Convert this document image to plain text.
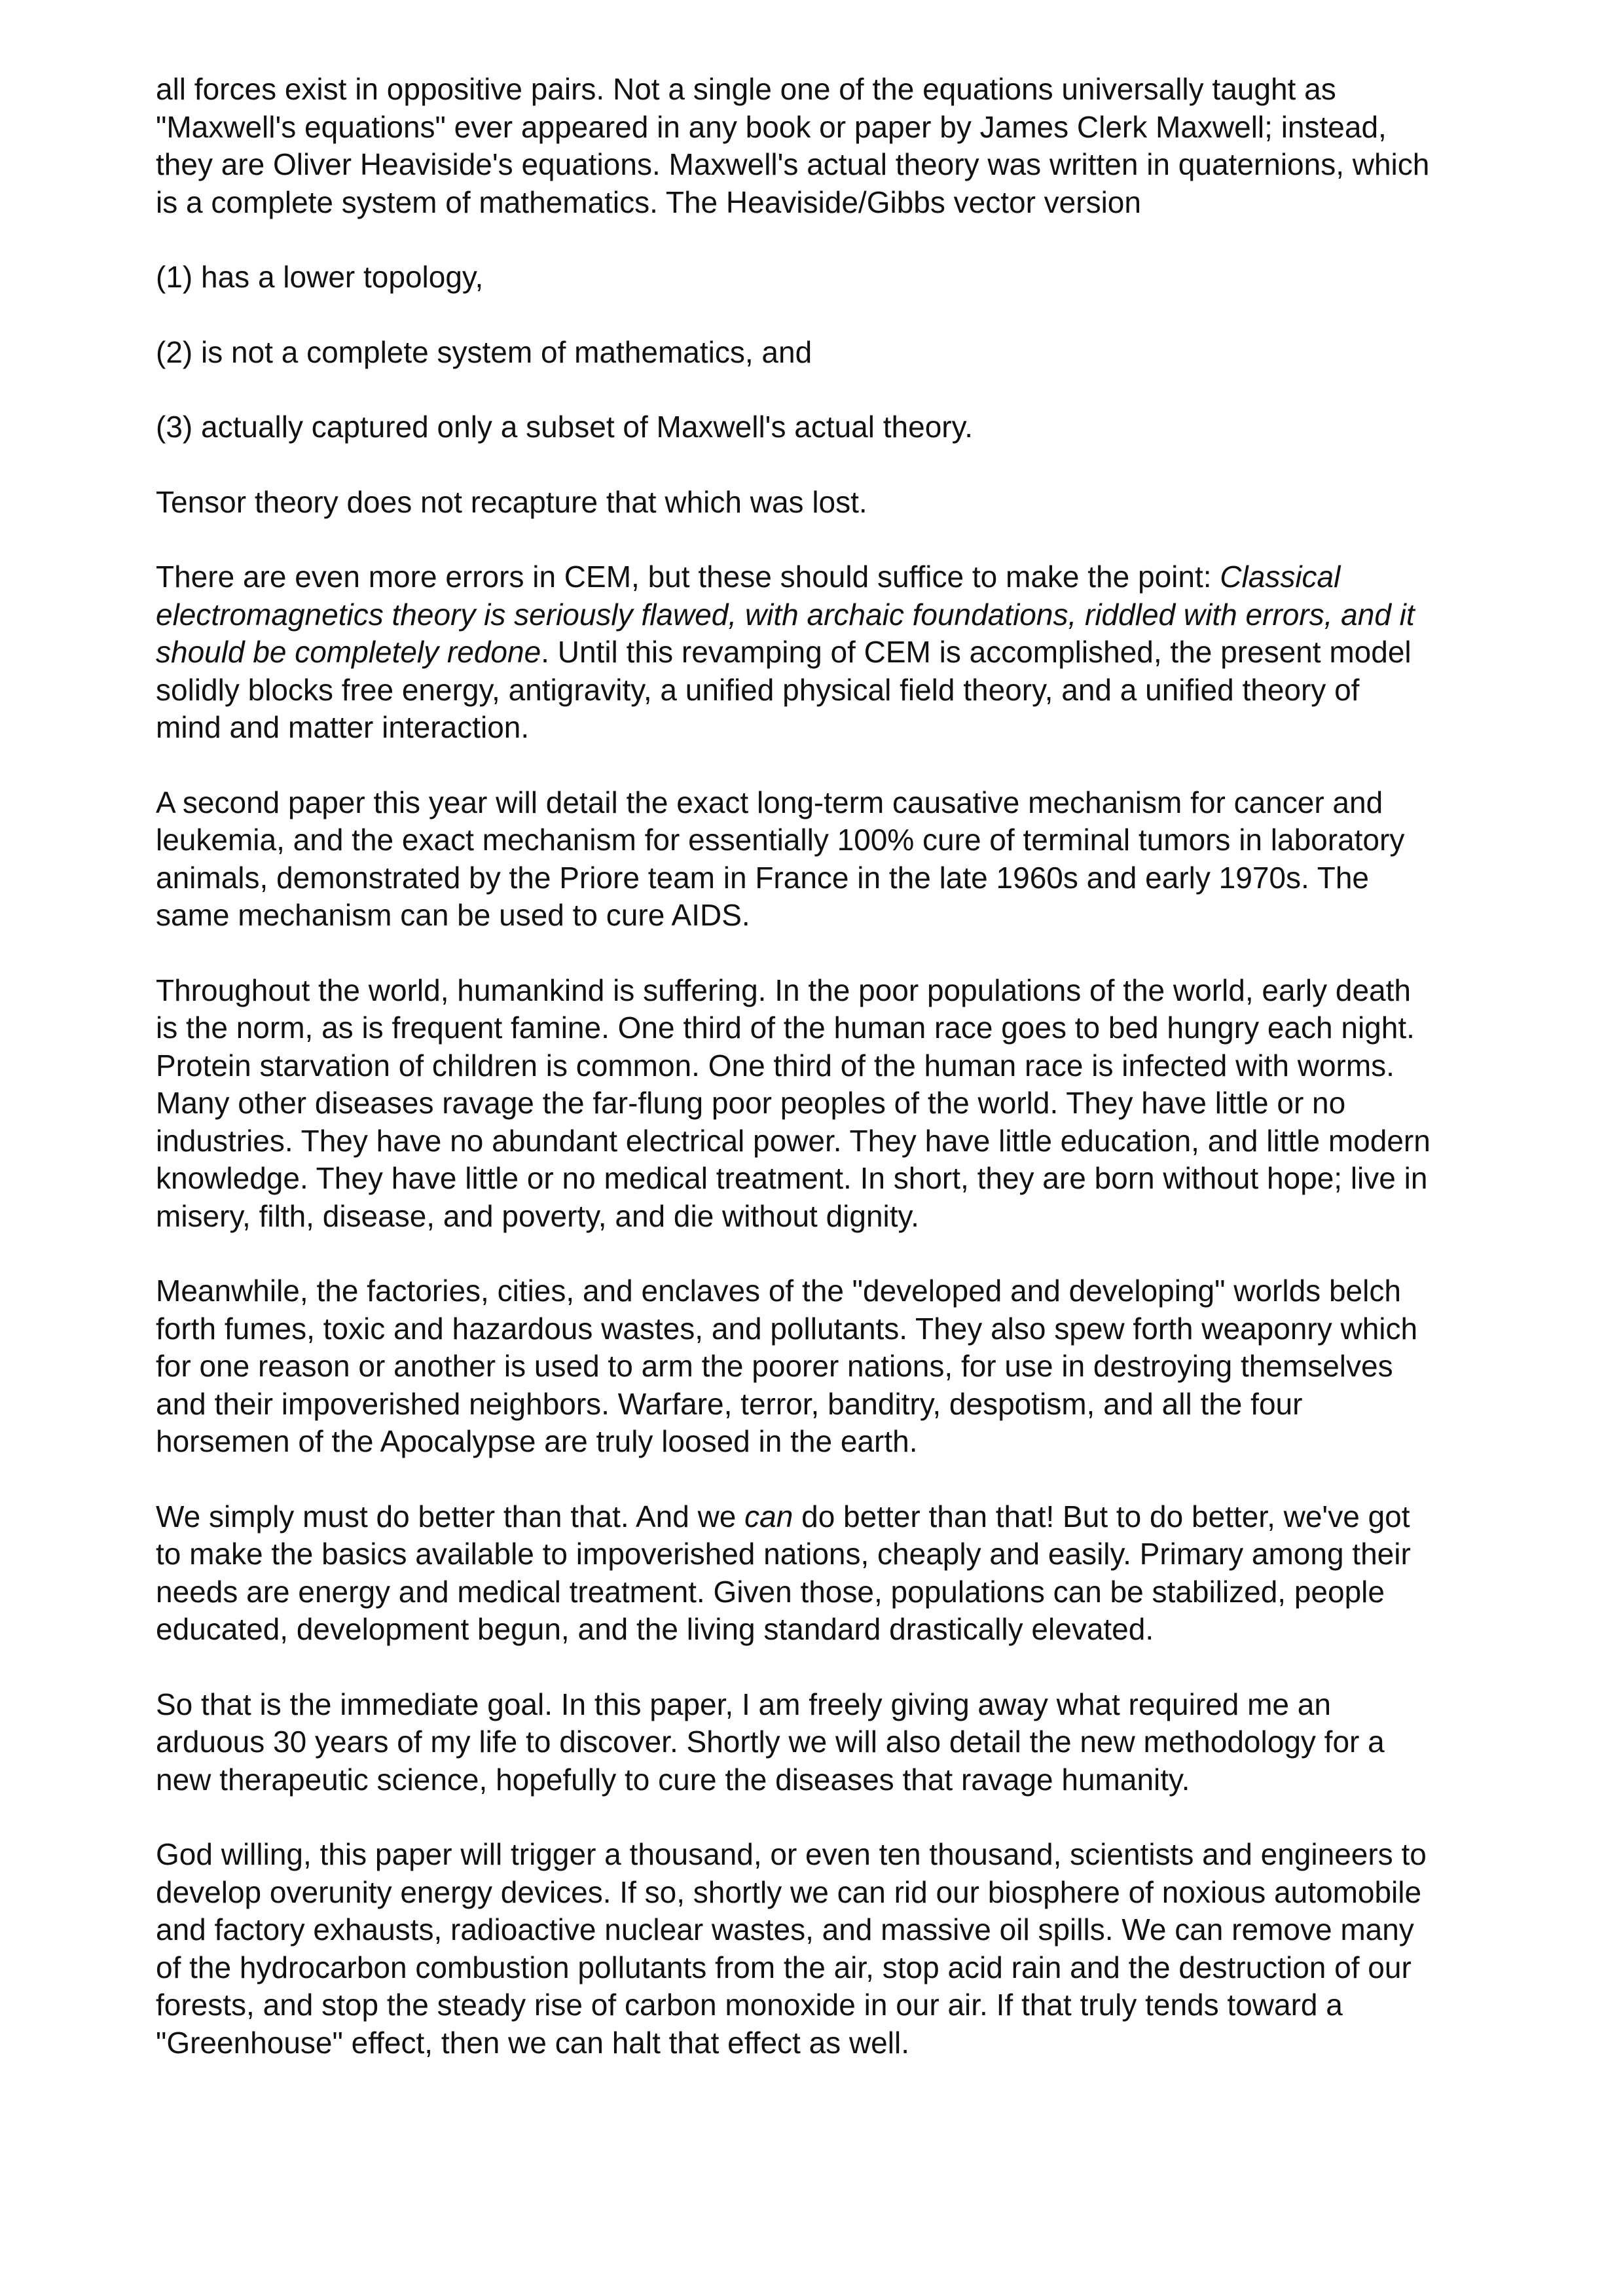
all forces exist in oppositive pairs. Not a single one of the equations universally taught as
"Maxwell's equations" ever appeared in any book or paper by James Clerk Maxwell; instead,
they are Oliver Heaviside's equations. Maxwell's actual theory was written in quaternions, which
is a complete system of mathematics. The Heaviside/Gibbs vector version

(1) has a lower topology,

(2) is not a complete system of mathematics, and

(3) actually captured only a subset of Maxwell's actual theory.

Tensor theory does not recapture that which was lost.

There are even more errors in CEM, but these should suffice to make the point: Classical
electromagnetics theory is seriously flawed, with archaic foundations, riddled with errors, and it
should be completely redone. Until this revamping of CEM is accomplished, the present model
solidly blocks free energy, antigravity, a unified physical field theory, and a unified theory of
mind and matter interaction.

A second paper this year will detail the exact long-term causative mechanism for cancer and
leukemia, and the exact mechanism for essentially 100% cure of terminal tumors in laboratory
animals, demonstrated by the Priore team in France in the late 1960s and early 1970s. The
same mechanism can be used to cure AIDS.

Throughout the world, humankind is suffering. In the poor populations of the world, early death
is the norm, as is frequent famine. One third of the human race goes to bed hungry each night.
Protein starvation of children is common. One third of the human race is infected with worms.
Many other diseases ravage the far-flung poor peoples of the world. They have little or no
industries. They have no abundant electrical power. They have little education, and little modern
knowledge. They have little or no medical treatment. In short, they are born without hope; live in
misery, filth, disease, and poverty, and die without dignity.

Meanwhile, the factories, cities, and enclaves of the "developed and developing" worlds belch
forth fumes, toxic and hazardous wastes, and pollutants. They also spew forth weaponry which
for one reason or another is used to arm the poorer nations, for use in destroying themselves
and their impoverished neighbors. Warfare, terror, banditry, despotism, and all the four
horsemen of the Apocalypse are truly loosed in the earth.

We simply must do better than that. And we can do better than that! But to do better, we've got
to make the basics available to impoverished nations, cheaply and easily. Primary among their
needs are energy and medical treatment. Given those, populations can be stabilized, people
educated, development begun, and the living standard drastically elevated.

So that is the immediate goal. In this paper, I am freely giving away what required me an
arduous 30 years of my life to discover. Shortly we will also detail the new methodology for a
new therapeutic science, hopefully to cure the diseases that ravage humanity.

God willing, this paper will trigger a thousand, or even ten thousand, scientists and engineers to
develop overunity energy devices. If so, shortly we can rid our biosphere of noxious automobile
and factory exhausts, radioactive nuclear wastes, and massive oil spills. We can remove many
of the hydrocarbon combustion pollutants from the air, stop acid rain and the destruction of our
forests, and stop the steady rise of carbon monoxide in our air. If that truly tends toward a
"Greenhouse" effect, then we can halt that effect as well.
